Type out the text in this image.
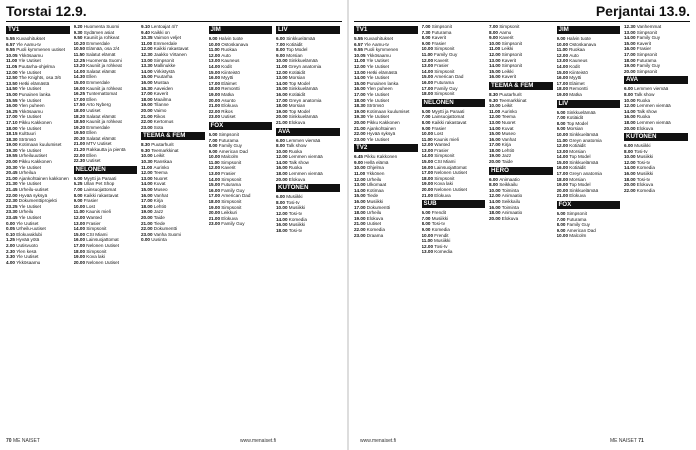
Torstai 12.9.	Perjantai 13.9.
TV1
5.55 Kuvaohitukset
6.57 Yle Aamu-tv
9.55 Puoli kymmenen uutiset
10.05 Ykkösaamu
11.00 Yle Uutiset
11.05 Puutarha-ohjelma
12.00 Yle Uutiset
12.50 The Knights, osa 3/6
13.50 Hetki elämästä
14.50 Yle Uutiset
15.00 Punainen lanka
15.55 Yle Uutiset
16.00 Ylen puheen
16.25 Ykkösaamu
17.00 Yle Uutiset
17.10 Pikku Kakkonen
18.00 Yle Uutiset
18.15 Kulttuuri
18.30 Strömsö
19.00 Kotimaan kuulumiset
19.30 Yle Uutiset
19.55 Urheiluuutiset
20.00 Pikku Kakkonen
20.30 Yle Uutiset
20.45 Urheilua
21.00 Ajankohtainen kakkonen
21.30 Yle Uutiset
21.45 Urheilu-uutiset
22.00 Hyvää syksyä
22.30 Dokumenttiprojekti
23.25 Yle Uutiset
23.30 Urheilu
23.45 Yle Uutiset
0.00 Yle Uutiset
0.05 Urheilu-uutiset
0.10 Elokuvaklubi
1.25 Hyvää yötä
2.00 Uutisvuoto
2.30 Ylen kesä
3.30 Yle Uutiset
4.00 Ykkösaamu
9.20 Huomenta Suomi
9.30 Sydämen asiat
9.50 Kauniit ja rohkeat
10.20 Emmerdale
10.50 Elämää, osa 2/4
11.50 Salatut elämät
12.25 Huomenta Suomi
13.20 Kauniit ja rohkeat
14.00 Salatut elämät
14.30 Ellen
15.00 Emmerdale
16.00 Kauniit ja rohkeat
16.25 Tuntemattomat
17.00 Ellen
17.50 Arto Nyberg
18.00 Uutiset
18.20 Salatut elämät
18.50 Kauniit ja rohkeat
19.20 Emmerdale
19.50 Ellen
20.30 Salatut elämät
21.00 MTV Uutiset
21.20 Rakkautta ja pientä
22.00 Ellen
22.30 Uutiset
NELONEN
6.00 Myytti ja Paraati
6.25 Ullan Pet Shop
7.00 Lainsuojattomat
8.00 Kaikki rakastavat
9.00 Frasier
10.00 Lost
11.00 Kaunis mieli
12.00 Wanted
13.00 Frasier
14.00 Simpsonit
15.00 CSI Miami
16.00 Lainsuojattomat
17.00 Nelonen Uutiset
18.00 Simpsonit
19.00 Kova laki
20.00 Nelonen Uutiset
9.10 Lentoajat 4/7
9.40 Kaikki on
10.35 Vaimon veljet
11.00 Emmerdale
12.00 Kaikki rakastavat
12.30 Jaakko Virtanen
13.00 Simpsonit
13.30 Mallinukke
14.00 Virkistystä
15.00 Puutarha
16.00 Mustaa
16.30 Aaveiden
17.00 Kaverit
18.00 Maailma
19.00 Tilanne
20.00 Vaimo
21.00 Rikos
22.00 Kertomus
23.00 Sota
TEEMA & FEM
8.30 Puutarhurit
9.30 Teemarkkinat
10.00 Leikit
10.30 Ranskaa
11.00 Aurinko
12.00 Teema
13.00 Nuoret
14.00 Kuvat
15.00 Museo
16.00 Vanhat
17.00 Kirja
18.00 Lehtiö
19.00 Jazz
20.00 Taide
21.00 Tiede
22.00 Dokumentti
23.00 Vanha Suomi
0.00 Uusinta
JIM
9.00 Halvin tuote
10.00 Ostoskanava
11.00 Ruokaa
12.00 Auto
13.00 Kauneus
14.00 Kodit
15.00 Kiinteistö
16.00 Myytti
17.00 Eläimet
18.00 Remontti
19.00 Matka
20.00 Asunto
21.00 Elokuva
22.00 Rikos
23.00 Uutiset
FOX
6.00 Simpsonit
7.00 Futurama
8.00 Family Guy
9.00 American Dad
10.00 Malcolm
11.00 Simpsonit
12.00 Kaverit
13.00 Frasier
14.00 Simpsonit
15.00 Futurama
16.00 Family Guy
17.00 American Dad
18.00 Simpsonit
19.00 Simpsonit
20.00 Leikkuri
21.00 Elokuva
23.00 Family Guy
LIV
6.00 Sinkkuelämää
7.00 Kotiäidit
8.00 Top Model
9.00 Morsian
10.00 Sinkkuelämää
11.00 Greyn anatomia
12.00 Kotiäidit
13.00 Morsian
14.00 Top Model
15.00 Sinkkuelämää
16.00 Kotiäidit
17.00 Greyn anatomia
18.00 Morsian
19.00 Top Model
20.00 Sinkkuelämää
21.00 Elokuva
AVA
6.00 Lemmen viemää
8.00 Talk show
10.00 Ruoka
12.00 Lemmen viemää
14.00 Talk show
16.00 Ruoka
18.00 Lemmen viemää
20.00 Elokuva
KUTONEN
6.00 Musiikki
8.00 Tosi-tv
10.00 Musiikki
12.00 Tosi-tv
14.00 Komedia
16.00 Musiikki
18.00 Tosi-tv
TV1
5.55 Kuvaohitukset
6.57 Yle Aamu-tv
9.55 Puoli kymmenen
10.05 Ykkösaamu
11.00 Yle Uutiset
12.00 Yle Uutiset
13.00 Hetki elämästä
14.00 Yle Uutiset
15.00 Punainen lanka
16.00 Ylen puheen
17.00 Yle Uutiset
18.00 Yle Uutiset
18.30 Strömsö
19.00 Kotimaan kuulumiset
19.30 Yle Uutiset
20.00 Pikku Kakkonen
21.00 Ajankohtainen
22.00 Hyvää syksyä
23.00 Yle Uutiset
TV2
6.45 Pikku Kakkonen
9.00 Hellä elämä
10.00 Ohjelma
11.00 Ykkönen
12.00 Urheilu
13.00 Ulkomaat
14.00 Kotimaa
15.00 Tiede
16.00 Musiikki
17.00 Dokumentti
18.00 Urheilu
19.00 Elokuva
21.00 Uutiset
22.00 Komedia
23.00 Draama
7.00 Simpsonit
7.30 Futurama
8.00 Kaverit
9.00 Frasier
10.00 Simpsonit
11.00 Family Guy
12.00 Kaverit
13.00 Frasier
14.00 Simpsonit
15.00 American Dad
16.00 Futurama
17.00 Family Guy
18.00 Simpsonit
NELONEN
6.00 Myytti ja Paraati
7.00 Lainsuojattomat
8.00 Kaikki rakastavat
9.00 Frasier
10.00 Lost
11.00 Kaunis mieli
12.00 Wanted
13.00 Frasier
14.00 Simpsonit
15.00 CSI Miami
16.00 Lainsuojattomat
17.00 Nelonen Uutiset
18.00 Simpsonit
19.00 Kova laki
20.00 Nelonen Uutiset
21.00 Elokuva
SUB
6.00 Frendit
7.00 Musiikki
8.00 Tosi-tv
9.00 Komedia
10.00 Frendit
11.00 Musiikki
12.00 Tosi-tv
13.00 Komedia
7.00 Simpsonit
8.00 Aamu
9.00 Kaverit
10.00 Simpsonit
11.00 Leikki
12.00 Simpsonit
13.00 Kaverit
14.00 Simpsonit
15.00 Leikki
16.00 Kaverit
TEEMA & FEM
8.30 Puutarhurit
9.30 Teemarkkinat
10.00 Leikit
11.00 Aurinko
12.00 Teema
13.00 Nuoret
14.00 Kuvat
15.00 Museo
16.00 Vanhat
17.00 Kirja
18.00 Lehtiö
19.00 Jazz
20.00 Taide
HERO
6.00 Animaatio
8.00 Seikkailu
10.00 Toiminta
12.00 Animaatio
14.00 Seikkailu
16.00 Toiminta
18.00 Animaatio
20.00 Elokuva
JIM
9.00 Halvin tuote
10.00 Ostoskanava
11.00 Ruokaa
12.00 Auto
13.00 Kauneus
14.00 Kodit
15.00 Kiinteistö
16.00 Myytti
17.00 Eläimet
18.00 Remontti
19.00 Matka
LIV
6.00 Sinkkuelämää
7.00 Kotiäidit
8.00 Top Model
9.00 Morsian
10.00 Sinkkuelämää
11.00 Greyn anatomia
12.00 Kotiäidit
13.00 Morsian
14.00 Top Model
15.00 Sinkkuelämää
16.00 Kotiäidit
17.00 Greyn anatomia
18.00 Morsian
19.00 Top Model
20.00 Sinkkuelämää
21.00 Elokuva
FOX
6.00 Simpsonit
7.00 Futurama
8.00 Family Guy
9.00 American Dad
10.00 Malcolm
12.30 Vanhemmat
13.00 Simpsonit
14.00 Family Guy
15.00 Kaverit
16.00 Frasier
17.00 Simpsonit
18.00 Futurama
19.00 Family Guy
20.00 Simpsonit
AVA
6.00 Lemmen viemää
8.00 Talk show
10.00 Ruoka
12.00 Lemmen viemää
14.00 Talk show
16.00 Ruoka
18.00 Lemmen viemää
20.00 Elokuva
KUTONEN
6.00 Musiikki
8.00 Tosi-tv
10.00 Musiikki
12.00 Tosi-tv
14.00 Komedia
16.00 Musiikki
18.00 Tosi-tv
20.00 Elokuva
22.00 Komedia
70 ME NAISET	www.menaiset.fi	www.menaiset.fi	ME NAISET 71
